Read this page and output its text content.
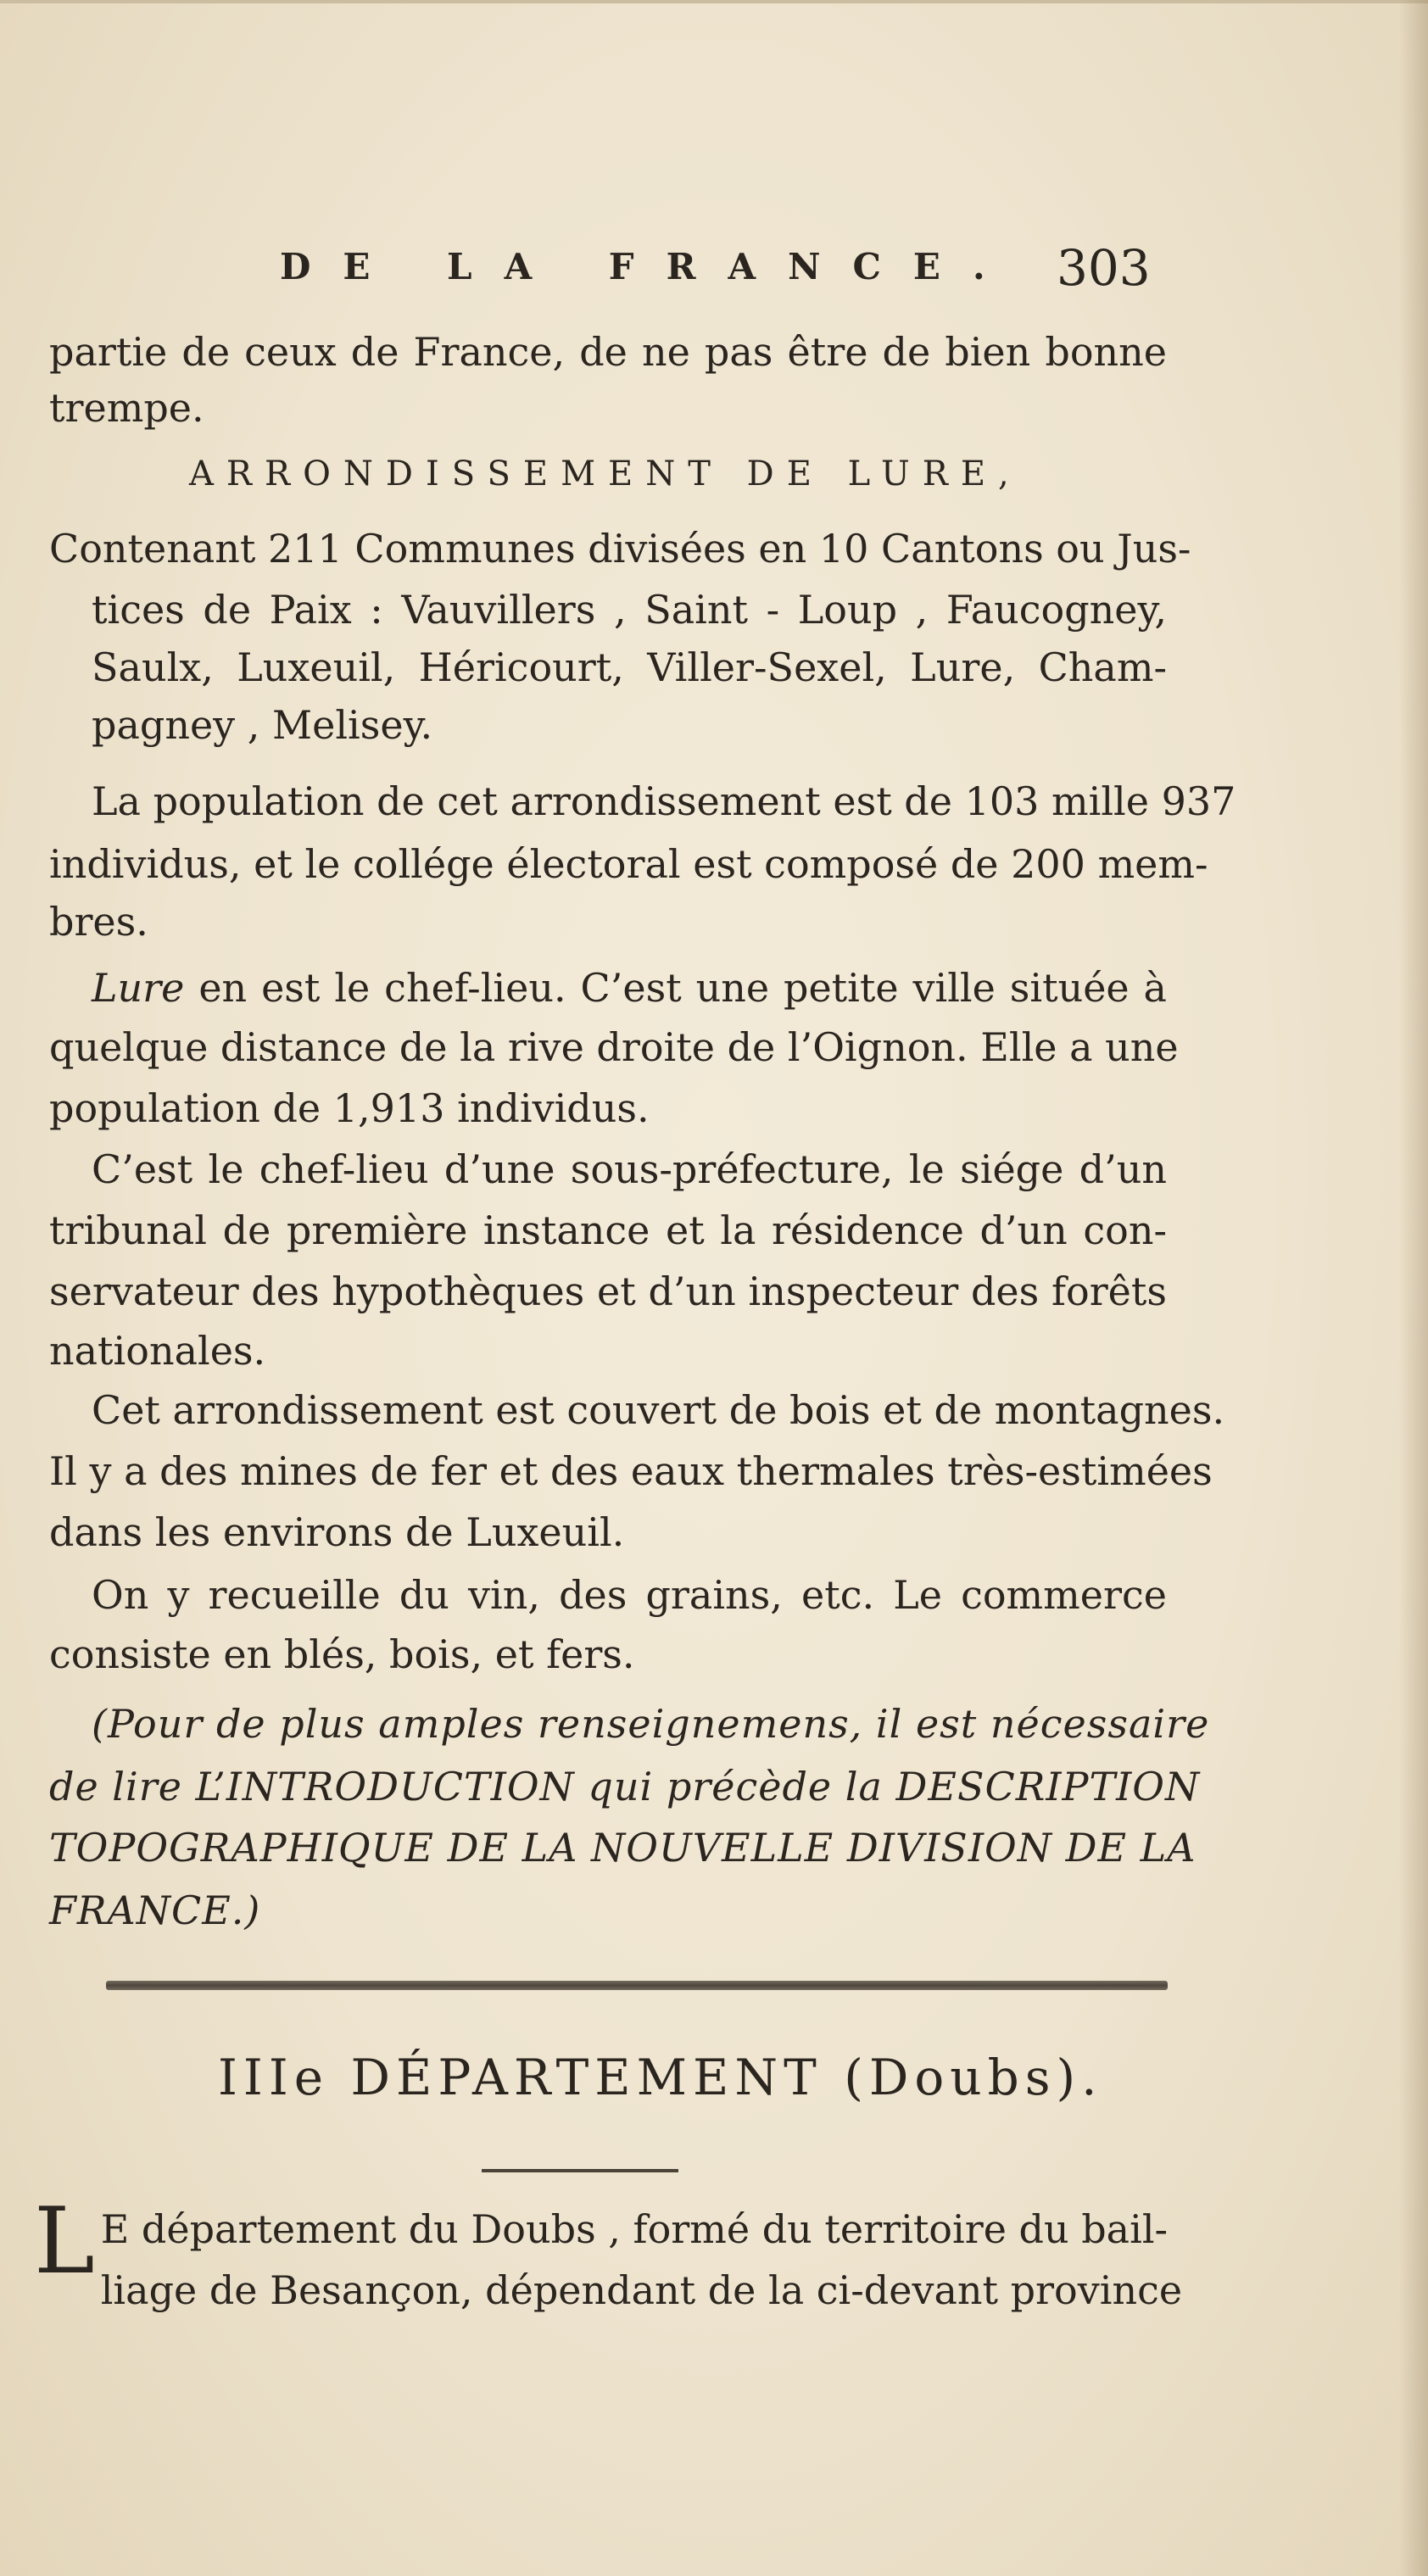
DE LA FRANCE. 303
partie de ceux de France, de ne pas être de bien bonne
trempe.
ARRONDISSEMENT DE LURE,
Contenant 211 Communes divisées en 10 Cantons ou Jus-
tices de Paix : Vauvillers , Saint - Loup , Faucogney,
Saulx, Luxeuil, Héricourt, Viller-Sexel, Lure, Cham-
pagney , Melisey.
La population de cet arrondissement est de 103 mille 937
individus, et le collége électoral est composé de 200 mem-
bres.
Lure en est le chef-lieu. C’est une petite ville située à
quelque distance de la rive droite de l’Oignon. Elle a une
population de 1,913 individus.
C’est le chef-lieu d’une sous-préfecture, le siége d’un
tribunal de première instance et la résidence d’un con-
servateur des hypothèques et d’un inspecteur des forêts
nationales.
Cet arrondissement est couvert de bois et de montagnes.
Il y a des mines de fer et des eaux thermales très-estimées
dans les environs de Luxeuil.
On y recueille du vin, des grains, etc. Le commerce
consiste en blés, bois, et fers.
(Pour de plus amples renseignemens, il est nécessaire
de lire L’INTRODUCTION qui précède la DESCRIPTION
TOPOGRAPHIQUE DE LA NOUVELLE DIVISION DE LA
FRANCE.)
IIIe DÉPARTEMENT (Doubs).
L E département du Doubs , formé du territoire du bail-
liage de Besançon, dépendant de la ci-devant province
